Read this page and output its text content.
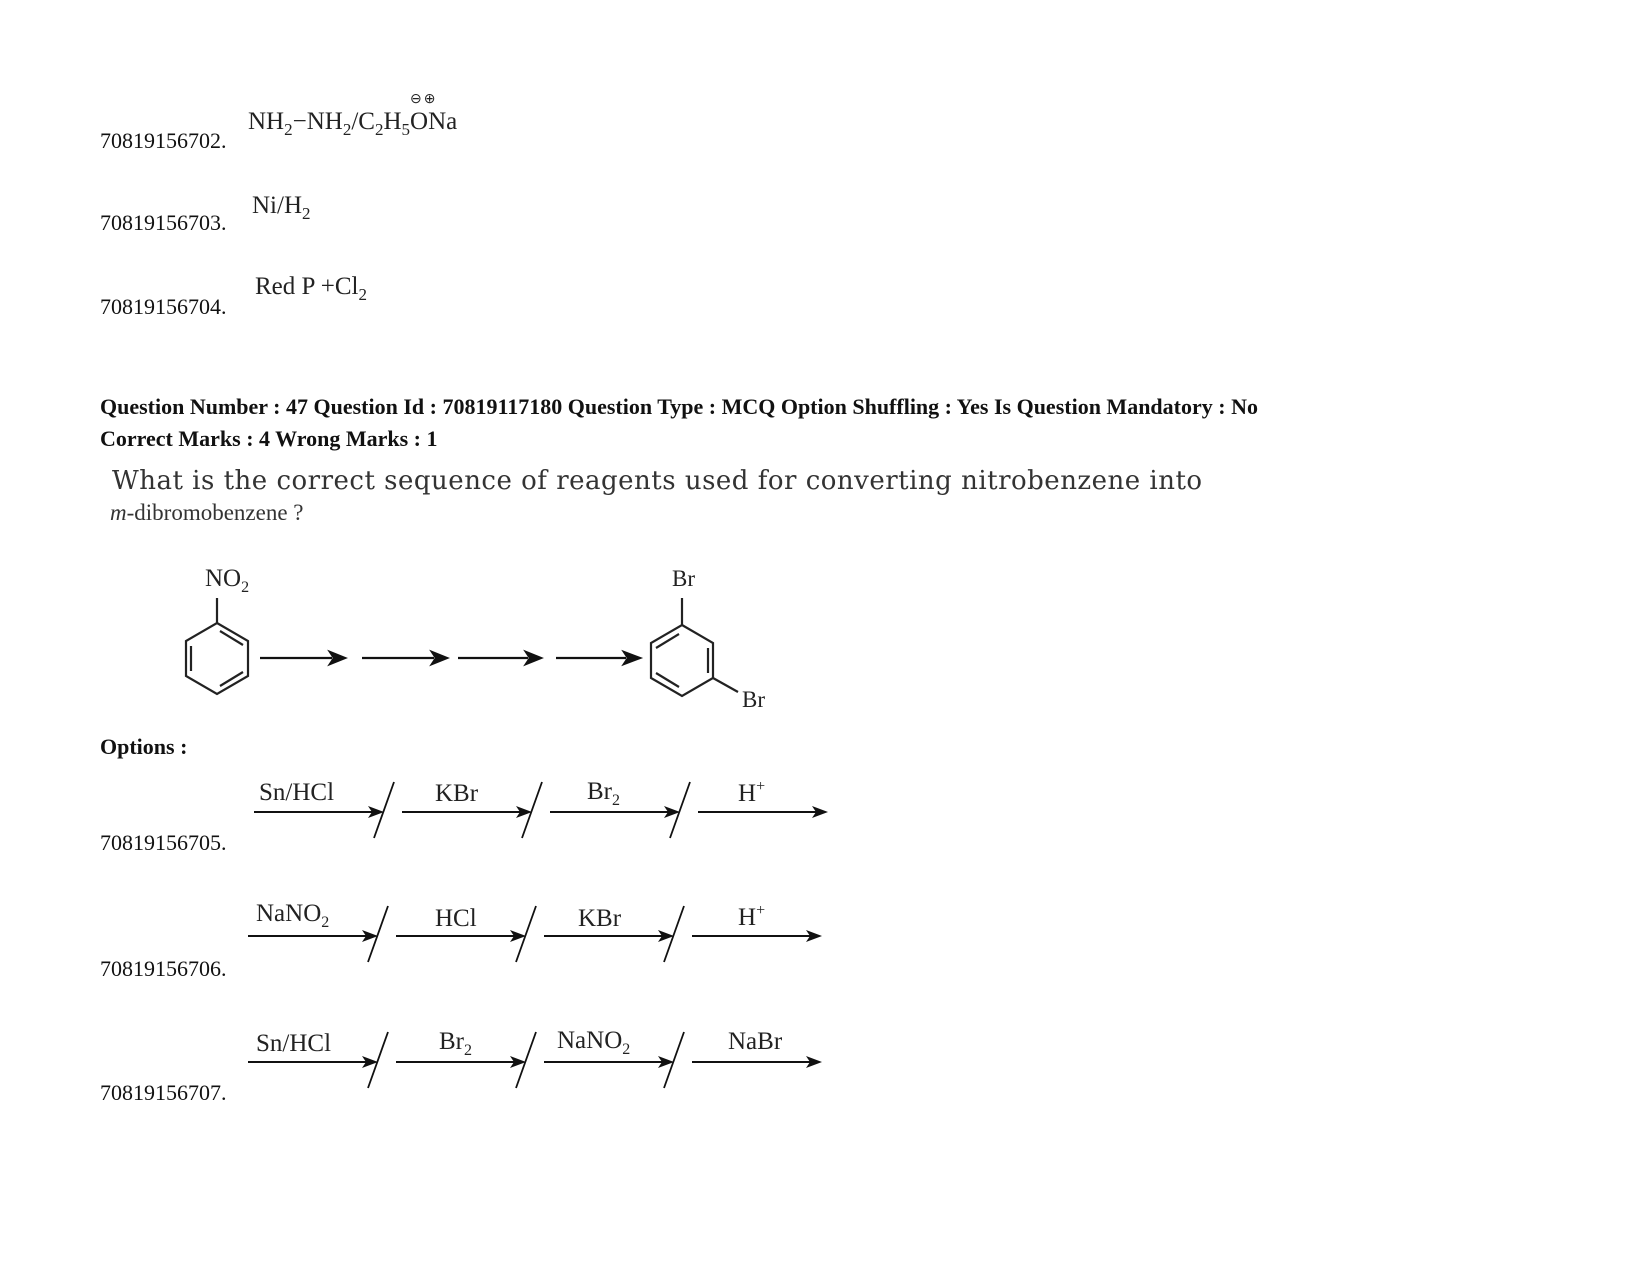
70819156702.
$NH_2-NH_2/C_2H_5$
⊖⊕
ONa
70819156703.
$Ni/H_2$
70819156704.
Red $P +Cl_2$
Question Number : 47 Question Id : 70819117180 Question Type : MCQ Option Shuffling : Yes Is Question Mandatory : No
Correct Marks : 4 Wrong Marks : 1
What is the correct sequence of reagents used for converting nitrobenzene into
m-dibromobenzene ?
$NO_2$	Br
Br
Options :
70819156705.
Sn/HCl	KBr	$Br_2$	H+
70819156706.
NaNO$_2$	HCl	KBr	H+
70819156707.
Sn/HCl	$Br_2$	NaNO$_2$	NaBr
